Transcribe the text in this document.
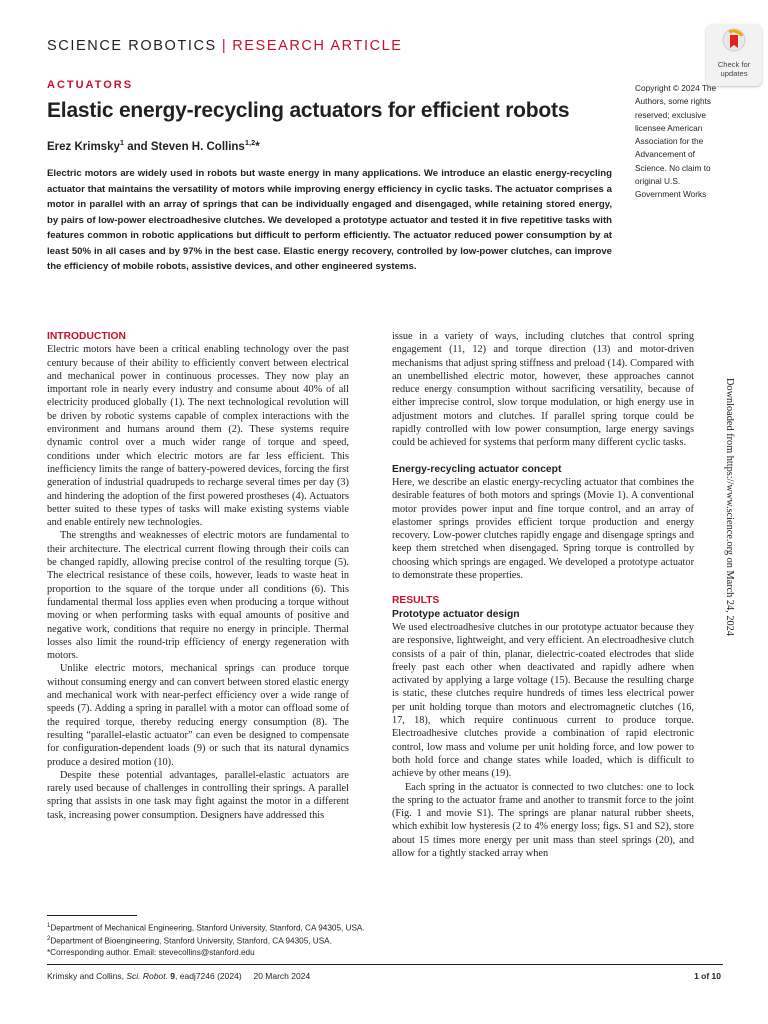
SCIENCE ROBOTICS | RESEARCH ARTICLE
Check for
updates
ACTUATORS
Elastic energy-recycling actuators for efficient robots
Erez Krimsky$^1$ and Steven H. Collins$^{1,2}$*
Copyright © 2024 The Authors, some rights reserved; exclusive licensee American Association for the Advancement of Science. No claim to original U.S. Government Works

Electric motors are widely used in robots but waste energy in many applications. We introduce an elastic energy-recycling actuator that maintains the versatility of motors while improving energy efficiency in cyclic tasks. The actuator comprises a motor in parallel with an array of springs that can be individually engaged and disengaged, while retaining stored energy, by pairs of low-power electroadhesive clutches. We developed a prototype actuator and tested it in five repetitive tasks with features common in robotic applications but difficult to perform efficiently. The actuator reduced power consumption by at least 50% in all cases and by 97% in the best case. Elastic energy recovery, controlled by low-power clutches, can improve the efficiency of mobile robots, assistive devices, and other engineered systems.

INTRODUCTION

Electric motors have been a critical enabling technology over the past century because of their ability to efficiently convert between electrical and mechanical power in continuous processes. They now play an important role in nearly every industry and consume about 40% of all electricity produced globally (1). The next technological revolution will be driven by robotic systems capable of complex interactions with the environment and humans around them (2). These systems require dynamic control over a much wider range of torque and speed, conditions under which electric motors are far less efficient. This inefficiency limits the range of battery-powered devices, forcing the first generation of industrial quadrupeds to recharge several times per day (3) and hindering the adoption of the first powered prostheses (4). Actuators better suited to these types of tasks will make existing systems viable and enable entirely new technologies.

The strengths and weaknesses of electric motors are fundamental to their architecture. The electrical current flowing through their coils can be changed rapidly, allowing precise control of the resulting torque (5). The electrical resistance of these coils, however, leads to waste heat in proportion to the square of the torque under all conditions (6). This fundamental thermal loss applies even when producing a torque without moving or when performing tasks with equal amounts of positive and negative work, conditions that require no energy in principle. Thermal losses also limit the round-trip efficiency of energy regeneration with motors.

Unlike electric motors, mechanical springs can produce torque without consuming energy and can convert between stored elastic energy and mechanical work with near-perfect efficiency over a wide range of speeds (7). Adding a spring in parallel with a motor can offload some of the required torque, thereby reducing energy consumption (8). The resulting “parallel-elastic actuator” can even be designed to compensate for configuration-dependent loads (9) or such that its natural dynamics produce a desired motion (10).

Despite these potential advantages, parallel-elastic actuators are rarely used because of challenges in controlling their springs. A parallel spring that assists in one task may fight against the motor in a different task, increasing power consumption. Designers have addressed this

issue in a variety of ways, including clutches that control spring engagement (11, 12) and torque direction (13) and motor-driven mechanisms that adjust spring stiffness and preload (14). Compared with an unembellished electric motor, however, these approaches cannot reduce energy consumption without sacrificing versatility, because of either imprecise control, slow torque modulation, or high energy use in adjustment motors and clutches. If parallel spring torque could be rapidly controlled with low power consumption, large energy savings could be achieved for systems that perform many different cyclic tasks.

Energy-recycling actuator concept

Here, we describe an elastic energy-recycling actuator that combines the desirable features of both motors and springs (Movie 1). A conventional motor provides power input and fine torque control, and an array of elastomer springs provides efficient torque production and energy recovery. Low-power clutches rapidly engage and disengage springs and keep them stretched when disengaged. Spring torque is controlled by choosing which springs are engaged. We developed a prototype actuator to demonstrate these properties.

RESULTS
Prototype actuator design

We used electroadhesive clutches in our prototype actuator because they are responsive, lightweight, and very efficient. An electroadhesive clutch consists of a pair of thin, planar, dielectric-coated electrodes that slide freely past each other when deactivated and rapidly adhere when activated by applying a large voltage (15). Because the resulting charge is static, these clutches require hundreds of times less electrical power per unit holding torque than motors and electromagnetic clutches (16, 17, 18), which require continuous current to produce torque. Electroadhesive clutches provide a combination of rapid electronic control, low mass and volume per unit holding force, and low power to both hold force and change states while loaded, which is difficult to achieve by other means (19).

Each spring in the actuator is connected to two clutches: one to lock the spring to the actuator frame and another to transmit force to the joint (Fig. 1 and movie S1). The springs are planar natural rubber sheets, which exhibit low hysteresis (2 to 4% energy loss; figs. S1 and S2), store about 15 times more energy per unit mass than steel springs (20), and allow for a tightly stacked array when

$^1$Department of Mechanical Engineering, Stanford University, Stanford, CA 94305, USA. $^2$Department of Bioengineering, Stanford University, Stanford, CA 94305, USA.
*Corresponding author. Email: stevecollins@stanford.edu
Downloaded from https://www.science.org on March 24, 2024
Krimsky and Collins, Sci. Robot. 9, eadj7246 (2024)     20 March 2024	1 of 10
